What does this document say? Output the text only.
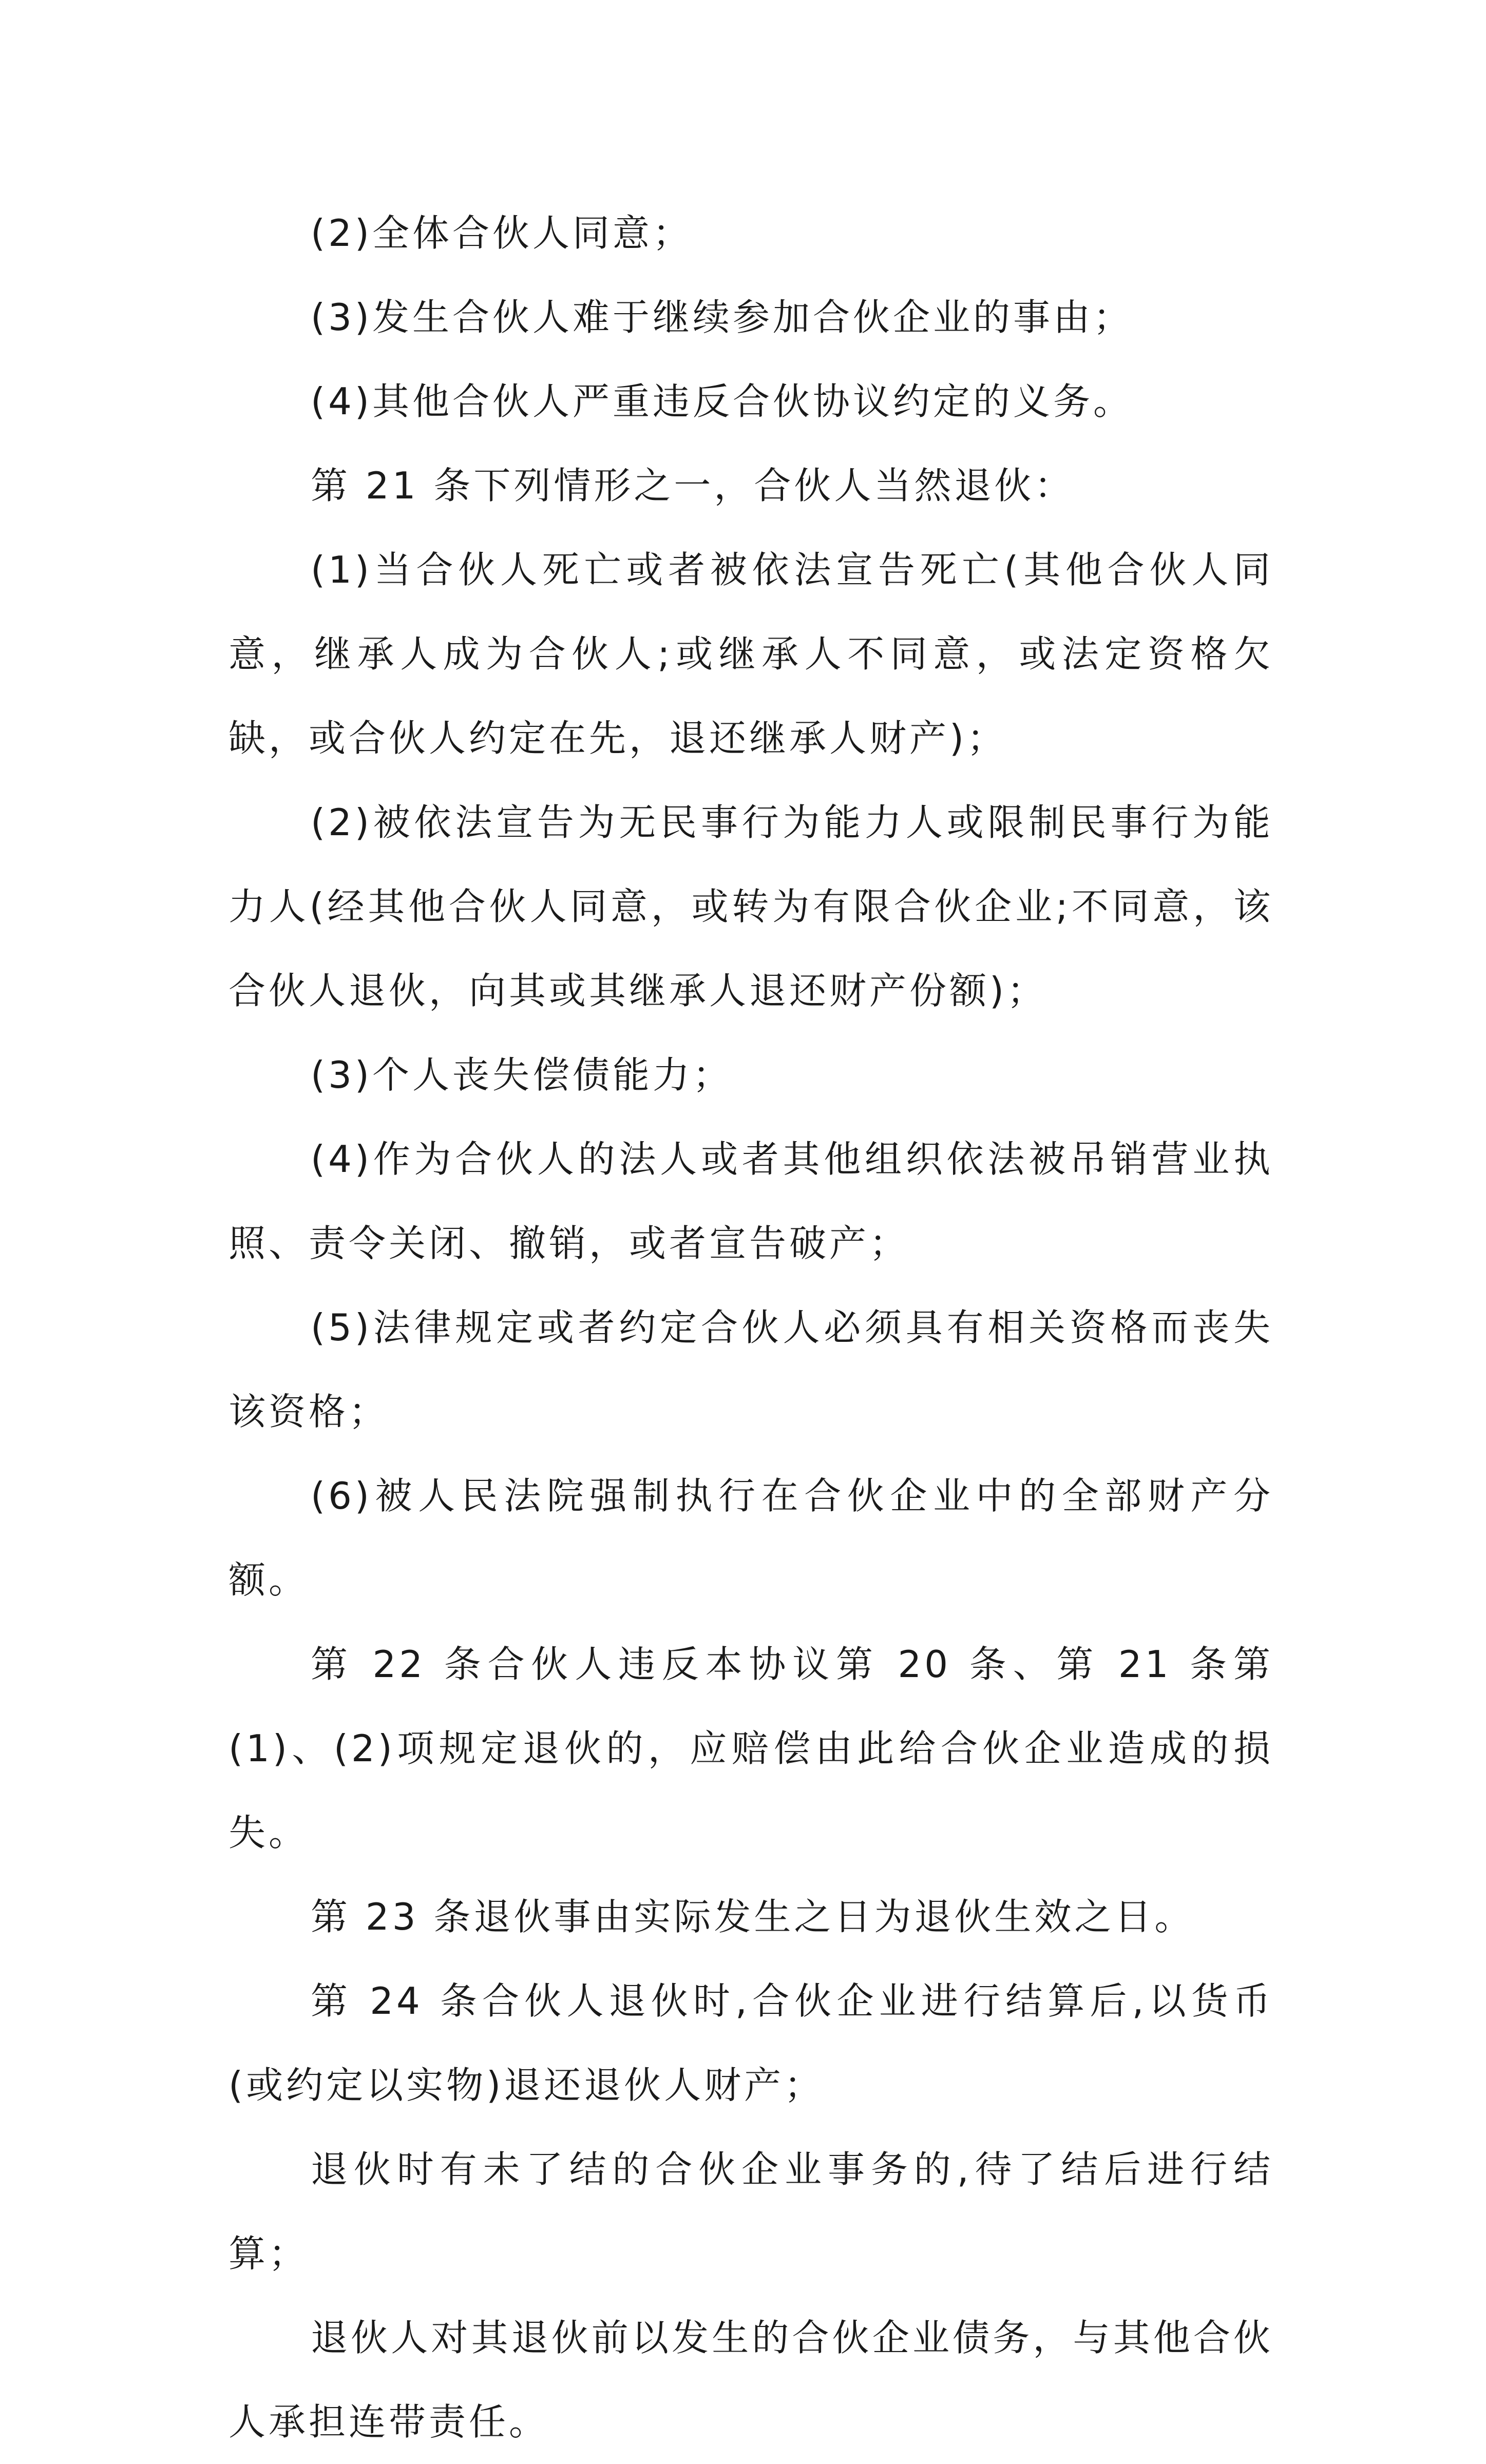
(2)全体合伙人同意；

(3)发生合伙人难于继续参加合伙企业的事由；

(4)其他合伙人严重违反合伙协议约定的义务。

第 21 条下列情形之一，合伙人当然退伙：

(1)当合伙人死亡或者被依法宣告死亡(其他合伙人同意，继承人成为合伙人;或继承人不同意，或法定资格欠缺，或合伙人约定在先，退还继承人财产)；

(2)被依法宣告为无民事行为能力人或限制民事行为能力人(经其他合伙人同意，或转为有限合伙企业;不同意，该合伙人退伙，向其或其继承人退还财产份额)；

(3)个人丧失偿债能力；

(4)作为合伙人的法人或者其他组织依法被吊销营业执照、责令关闭、撤销，或者宣告破产；

(5)法律规定或者约定合伙人必须具有相关资格而丧失该资格；

(6)被人民法院强制执行在合伙企业中的全部财产分额。

第 22 条合伙人违反本协议第 20 条、第 21 条第(1)、(2)项规定退伙的，应赔偿由此给合伙企业造成的损失。

第 23 条退伙事由实际发生之日为退伙生效之日。

第 24 条合伙人退伙时,合伙企业进行结算后,以货币(或约定以实物)退还退伙人财产；

退伙时有未了结的合伙企业事务的,待了结后进行结算；

退伙人对其退伙前以发生的合伙企业债务，与其他合伙人承担连带责任。
